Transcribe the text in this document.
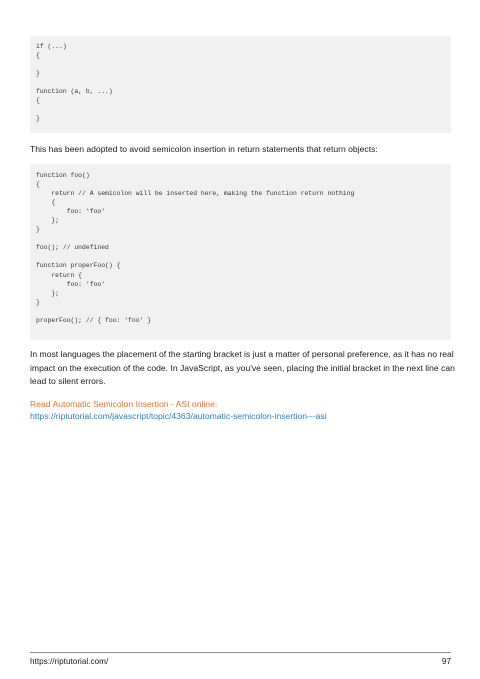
if (...)
{

}

function (a, b, ...)
{

}

This has been adopted to avoid semicolon insertion in return statements that return objects:

function foo()
{
return // A semicolon will be inserted here, making the function return nothing
{
foo: 'foo'
};
}

foo(); // undefined

function properFoo() {
return {
foo: 'foo'
};
}

properFoo(); // { foo: 'foo' }

In most languages the placement of the starting bracket is just a matter of personal preference, as it has no real impact on the execution of the code. In JavaScript, as you've seen, placing the initial bracket in the next line can lead to silent errors.

Read Automatic Semicolon Insertion - ASI online:
https://riptutorial.com/javascript/topic/4363/automatic-semicolon-insertion---asi
https://riptutorial.com/	97
